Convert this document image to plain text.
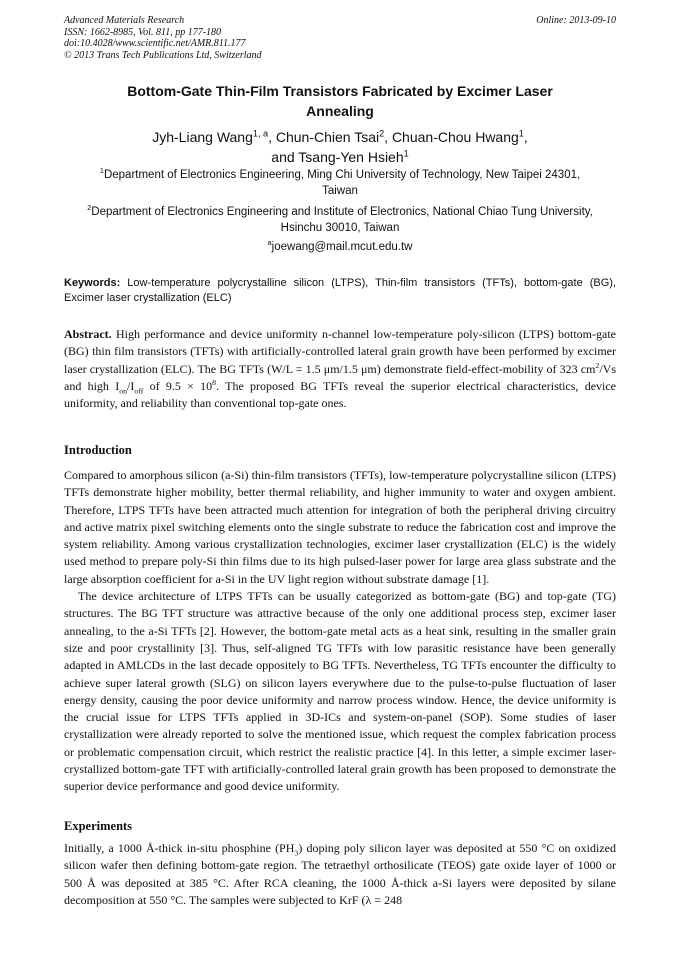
Advanced Materials Research
ISSN: 1662-8985, Vol. 811, pp 177-180
doi:10.4028/www.scientific.net/AMR.811.177
© 2013 Trans Tech Publications Ltd, Switzerland
Online: 2013-09-10
Bottom-Gate Thin-Film Transistors Fabricated by Excimer Laser
Annealing
Jyh-Liang Wang$^{1, a}$, Chun-Chien Tsai$^2$, Chuan-Chou Hwang$^1$,
and Tsang-Yen Hsieh$^1$
$^1$Department of Electronics Engineering, Ming Chi University of Technology, New Taipei 24301,
Taiwan
$^2$Department of Electronics Engineering and Institute of Electronics, National Chiao Tung University,
Hsinchu 30010, Taiwan
$^a$joewang@mail.mcut.edu.tw
Keywords: Low-temperature polycrystalline silicon (LTPS), Thin-film transistors (TFTs), bottom-gate (BG), Excimer laser crystallization (ELC)
Abstract. High performance and device uniformity n-channel low-temperature poly-silicon (LTPS) bottom-gate (BG) thin film transistors (TFTs) with artificially-controlled lateral grain growth have been performed by excimer laser crystallization (ELC). The BG TFTs (W/L = 1.5 μm/1.5 μm) demonstrate field-effect-mobility of 323 $cm^2/Vs$ and high $I_{on}/I_{off}$ of $9.5 \times 10^8$. The proposed BG TFTs reveal the superior electrical characteristics, device uniformity, and reliability than conventional top-gate ones.
Introduction

Compared to amorphous silicon (a-Si) thin-film transistors (TFTs), low-temperature polycrystalline silicon (LTPS) TFTs demonstrate higher mobility, better thermal reliability, and higher immunity to water and oxygen ambient. Therefore, LTPS TFTs have been attracted much attention for integration of both the peripheral driving circuitry and active matrix pixel switching elements onto the single substrate to reduce the fabrication cost and improve the system reliability. Among various crystallization technologies, excimer laser crystallization (ELC) is the widely used method to prepare poly-Si thin films due to its high pulsed-laser power for large area glass substrate and the large absorption coefficient for a-Si in the UV light region without substrate damage [1].

The device architecture of LTPS TFTs can be usually categorized as bottom-gate (BG) and top-gate (TG) structures. The BG TFT structure was attractive because of the only one additional process step, excimer laser annealing, to the a-Si TFTs [2]. However, the bottom-gate metal acts as a heat sink, resulting in the smaller grain size and poor crystallinity [3]. Thus, self-aligned TG TFTs with low parasitic resistance have been generally adapted in AMLCDs in the last decade oppositely to BG TFTs. Nevertheless, TG TFTs encounter the difficulty to achieve super lateral growth (SLG) on silicon layers everywhere due to the pulse-to-pulse fluctuation of laser energy density, causing the poor device uniformity and narrow process window. Hence, the device uniformity is the crucial issue for LTPS TFTs applied in 3D-ICs and system-on-panel (SOP). Some studies of laser crystallization were already reported to solve the mentioned issue, which request the complex fabrication process or problematic compensation circuit, which restrict the realistic practice [4]. In this letter, a simple excimer laser-crystallized bottom-gate TFT with artificially-controlled lateral grain growth has been proposed to demonstrate the superior device performance and good device uniformity.

Experiments
Initially, a 1000 Å-thick in-situ phosphine $(PH_3)$ doping poly silicon layer was deposited at 550 °C on oxidized silicon wafer then defining bottom-gate region. The tetraethyl orthosilicate (TEOS) gate oxide layer of 1000 or 500 Å was deposited at 385 °C. After RCA cleaning, the 1000 Å-thick a-Si layers were deposited by silane decomposition at 550 °C. The samples were subjected to KrF (λ = 248
